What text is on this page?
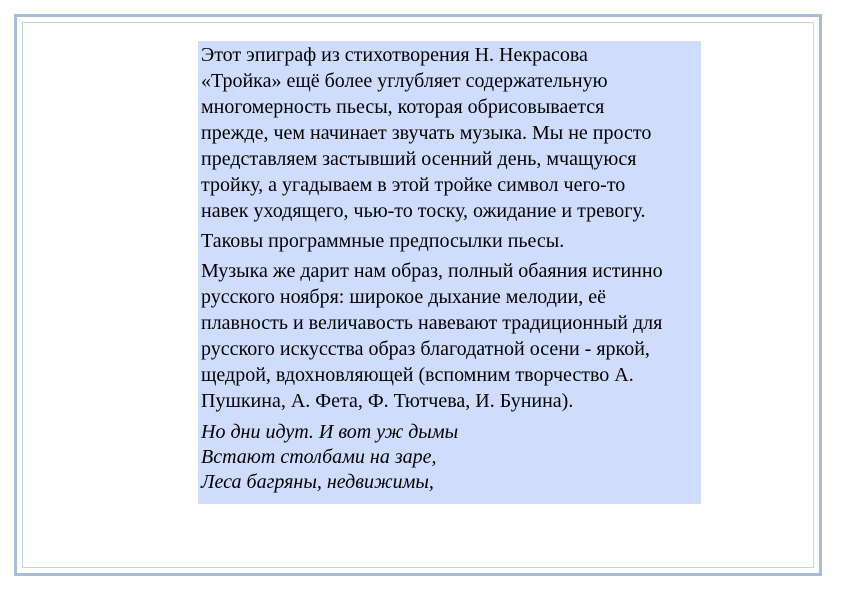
Этот эпиграф из стихотворения Н. Некрасова
«Тройка» ещё более углубляет содержательную
многомерность пьесы, которая обрисовывается
прежде, чем начинает звучать музыка. Мы не просто
представляем застывший осенний день, мчащуюся
тройку, а угадываем в этой тройке символ чего-то
навек уходящего, чью-то тоску, ожидание и тревогу.

Таковы программные предпосылки пьесы.

Музыка же дарит нам образ, полный обаяния истинно
русского ноября: широкое дыхание мелодии, её
плавность и величавость навевают традиционный для
русского искусства образ благодатной осени - яркой,
щедрой, вдохновляющей (вспомним творчество А.
Пушкина, А. Фета, Ф. Тютчева, И. Бунина).

Но дни идут. И вот уж дымы
Встают столбами на заре,
Леса багряны, недвижимы,
